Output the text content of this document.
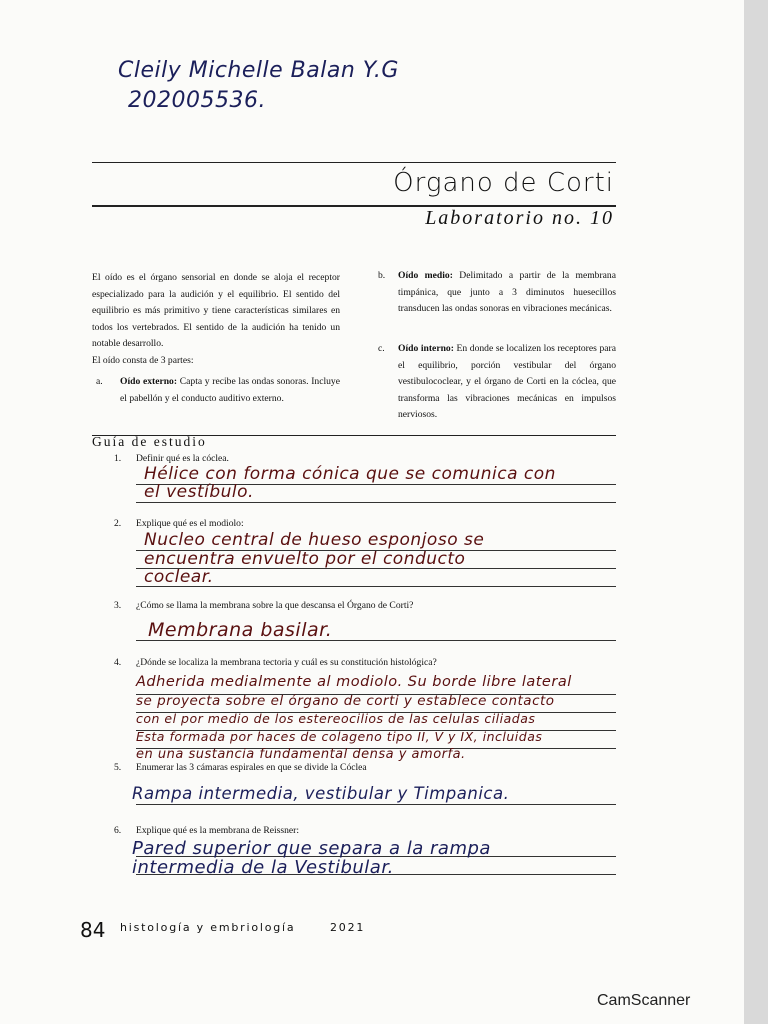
Cleily Michelle Balan Y.G
202005536.
Órgano de Corti
Laboratorio no. 10
El oído es el órgano sensorial en donde se aloja el receptor especializado para la audición y el equilibrio. El sentido del equilibrio es más primitivo y tiene características similares en todos los vertebrados. El sentido de la audición ha tenido un notable desarrollo.
El oído consta de 3 partes:
a. Oído externo: Capta y recibe las ondas sonoras. Incluye el pabellón y el conducto auditivo externo.
b. Oído medio: Delimitado a partir de la membrana timpánica, que junto a 3 diminutos huesecillos transducen las ondas sonoras en vibraciones mecánicas.
c. Oído interno: En donde se localizen los receptores para el equilibrio, porción vestibular del órgano vestibulococlear, y el órgano de Corti en la cóclea, que transforma las vibraciones mecánicas en impulsos nerviosos.
Guía de estudio
1. Definir qué es la cóclea.
Hélice con forma cónica que se comunica con
el vestíbulo.
2. Explique qué es el modiolo:
Nucleo central de hueso esponjoso se
encuentra envuelto por el conducto
coclear.
3. ¿Cómo se llama la membrana sobre la que descansa el Órgano de Corti?
Membrana basilar.
4. ¿Dónde se localiza la membrana tectoria y cuál es su constitución histológica?
Adherida medialmente al modiolo. Su borde libre lateral
se proyecta sobre el órgano de corti y establece contacto
con el por medio de los estereocilios de las celulas ciliadas
Esta formada por haces de colageno tipo II, V y IX, incluidas
en una sustancia fundamental densa y amorfa.
5. Enumerar las 3 cámaras espirales en que se divide la Cóclea
Rampa intermedia, vestibular y Timpanica.
6. Explique qué es la membrana de Reissner:
Pared superior que separa a la rampa
intermedia de la Vestibular.
84 histología y embriología	2021
CamScanner
